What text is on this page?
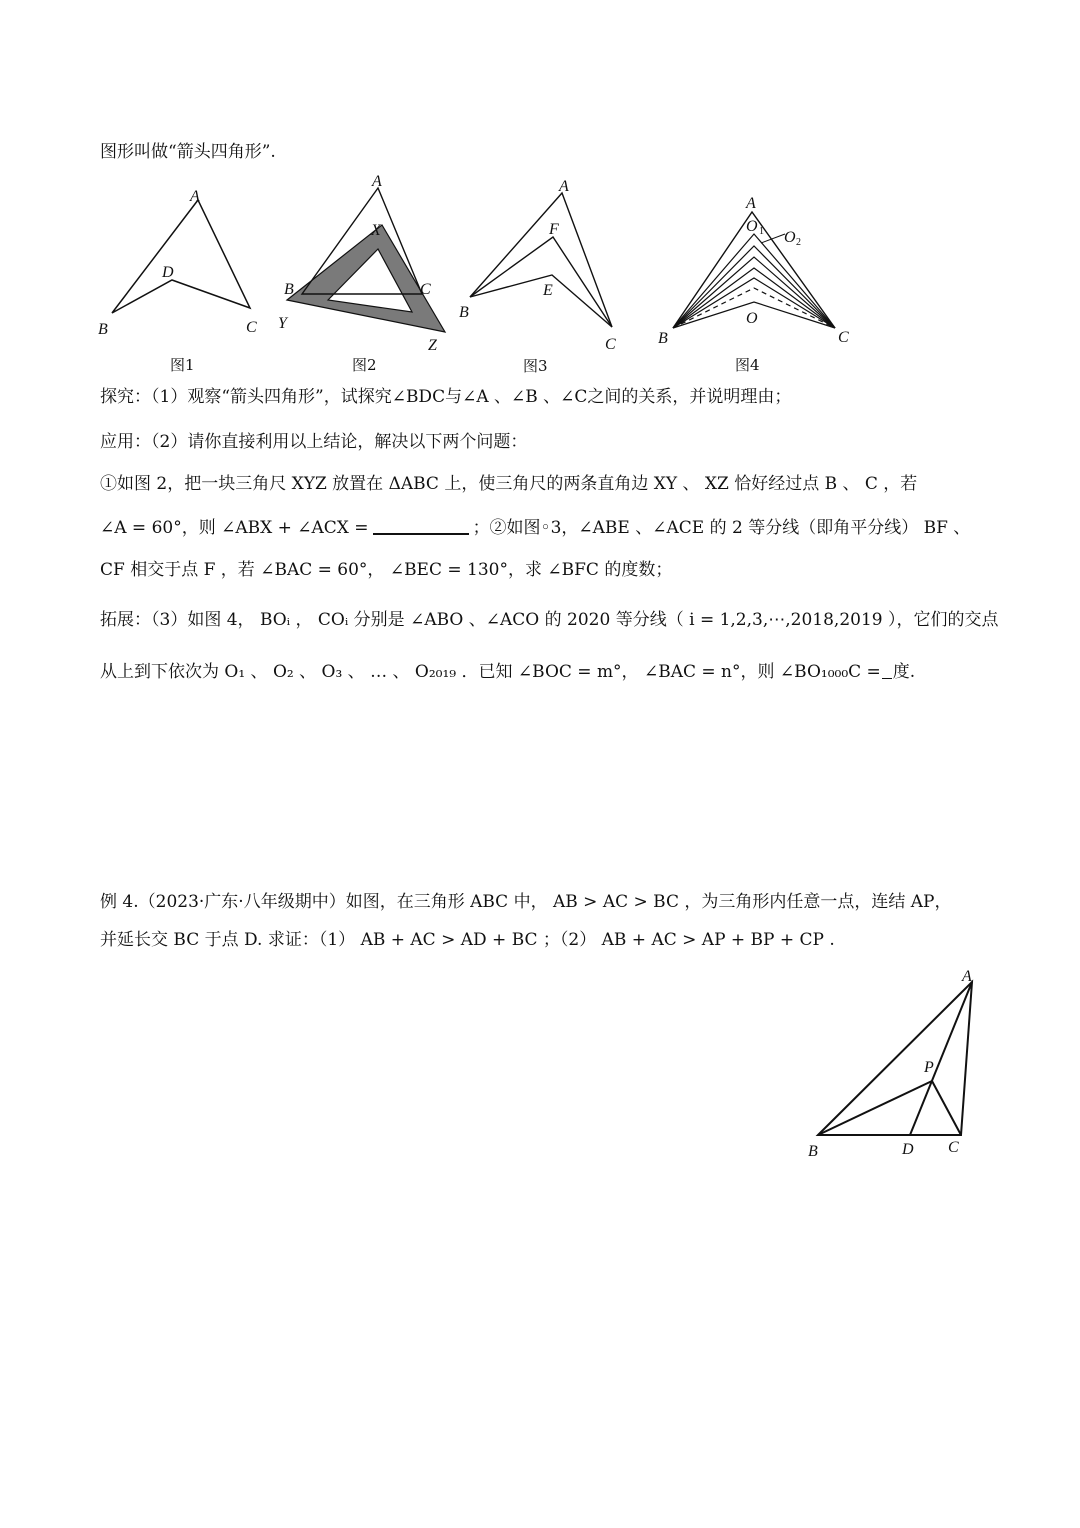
图形叫做“箭头四角形”.
A
B	C
D
图1
A
B	C
X
Y
Z
图2
A
B
C
F
E
图3
A
B	C
O
O 1 O 2
图4
探究：（1）观察“箭头四角形”，试探究∠BDC与∠A 、∠B 、∠C之间的关系，并说明理由；
应用：（2）请你直接利用以上结论，解决以下两个问题：
①如图 2，把一块三角尺 XYZ 放置在 ΔABC 上，使三角尺的两条直角边 XY 、 XZ 恰好经过点 B 、 C ，若
∠A = 60°，则 ∠ABX + ∠ACX =	；②如图◦3，∠ABE 、∠ACE 的 2 等分线（即角平分线） BF 、
CF 相交于点 F ，若 ∠BAC = 60°， ∠BEC = 130°，求 ∠BFC 的度数；
拓展：（3）如图 4， BOᵢ ， COᵢ 分别是 ∠ABO 、∠ACO 的 2020 等分线（ i = 1,2,3,⋯,2018,2019 ），它们的交点
从上到下依次为 O₁ 、 O₂ 、 O₃ 、 … 、 O₂₀₁₉ ．已知 ∠BOC = m°， ∠BAC = n°，则 ∠BO₁₀₀₀C = 度.
例 4.（2023·广东·八年级期中）如图，在三角形 ABC 中， AB > AC > BC ，为三角形内任意一点，连结 AP，
并延长交 BC 于点 D. 求证：（1） AB + AC > AD + BC ；（2） AB + AC > AP + BP + CP .
A
B	C
D
P
